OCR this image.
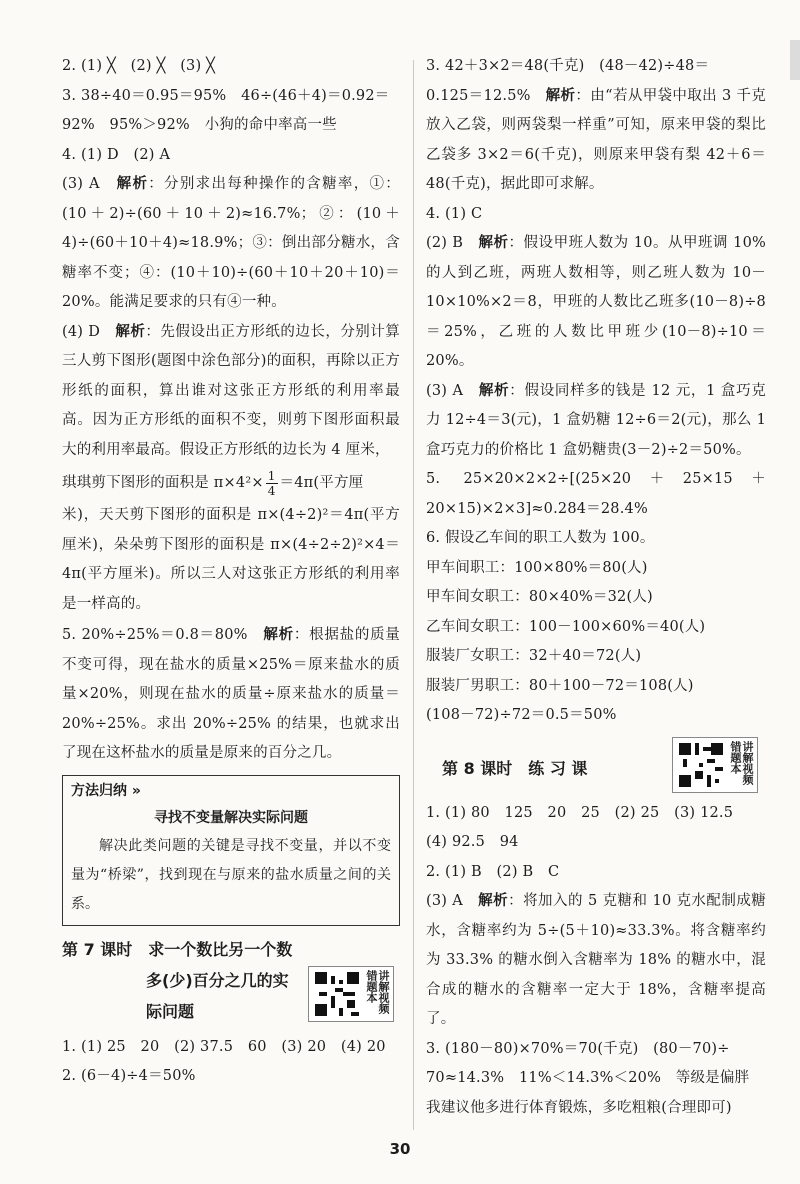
2. (1) ╳　(2) ╳　(3) ╳

3. 38÷40＝0.95＝95%　46÷(46＋4)＝0.92＝

92%　95%＞92%　小狗的命中率高一些

4. (1) D　(2) A

(3) A　解析：分别求出每种操作的含糖率，①：(10＋2)÷(60＋10＋2)≈16.7%；②：(10＋4)÷(60＋10＋4)≈18.9%；③：倒出部分糖水，含糖率不变；④：(10＋10)÷(60＋10＋20＋10)＝20%。能满足要求的只有④一种。

(4) D　解析：先假设出正方形纸的边长，分别计算三人剪下图形(题图中涂色部分)的面积，再除以正方形纸的面积，算出谁对这张正方形纸的利用率最高。因为正方形纸的面积不变，则剪下图形面积最大的利用率最高。假设正方形纸的边长为 4 厘米，

琪琪剪下图形的面积是 $\pi\times 4^2\times \frac{1}{4} =4\pi$(平方厘

米)，天天剪下图形的面积是 π×(4÷2)²＝4π(平方厘米)，朵朵剪下图形的面积是 π×(4÷2÷2)²×4＝4π(平方厘米)。所以三人对这张正方形纸的利用率是一样高的。

5. 20%÷25%＝0.8＝80%　解析：根据盐的质量不变可得，现在盐水的质量×25%＝原来盐水的质量×20%，则现在盐水的质量÷原来盐水的质量＝20%÷25%。求出 20%÷25% 的结果，也就求出了现在这杯盐水的质量是原来的百分之几。

方法归纳 »
寻找不变量解决实际问题

解决此类问题的关键是寻找不变量，并以不变量为“桥梁”，找到现在与原来的盐水质量之间的关系。

第 7 课时　求一个数比另一个数
多(少)百分之几的实
际问题	讲解视频 错题本

1. (1) 25　20　(2) 37.5　60　(3) 20　(4) 20

2. (6－4)÷4＝50%

3. 42＋3×2＝48(千克)　(48－42)÷48＝

0.125＝12.5%　解析：由“若从甲袋中取出 3 千克放入乙袋，则两袋梨一样重”可知，原来甲袋的梨比乙袋多 3×2＝6(千克)，则原来甲袋有梨 42＋6＝48(千克)，据此即可求解。

4. (1) C

(2) B　解析：假设甲班人数为 10。从甲班调 10%的人到乙班，两班人数相等，则乙班人数为 10－10×10%×2＝8，甲班的人数比乙班多(10－8)÷8＝25%，乙班的人数比甲班少(10－8)÷10＝20%。

(3) A　解析：假设同样多的钱是 12 元，1 盒巧克力 12÷4＝3(元)，1 盒奶糖 12÷6＝2(元)，那么 1 盒巧克力的价格比 1 盒奶糖贵(3－2)÷2＝50%。

5. 25×20×2×2÷[(25×20＋25×15＋20×15)×2×3]≈0.284＝28.4%

6. 假设乙车间的职工人数为 100。

甲车间职工：100×80%＝80(人)

甲车间女职工：80×40%＝32(人)

乙车间女职工：100－100×60%＝40(人)

服装厂女职工：32＋40＝72(人)

服装厂男职工：80＋100－72＝108(人)

(108－72)÷72＝0.5＝50%

第 8 课时　练 习 课	讲解视频 错题本

1. (1) 80　125　20　25　(2) 25　(3) 12.5

(4) 92.5　94

2. (1) B　(2) B　C

(3) A　解析：将加入的 5 克糖和 10 克水配制成糖水，含糖率约为 5÷(5＋10)≈33.3%。将含糖率约为 33.3% 的糖水倒入含糖率为 18% 的糖水中，混合成的糖水的含糖率一定大于 18%，含糖率提高了。

3. (180－80)×70%＝70(千克)　(80－70)÷

70≈14.3%　11%＜14.3%＜20%　等级是偏胖

我建议他多进行体育锻炼，多吃粗粮(合理即可)

30
